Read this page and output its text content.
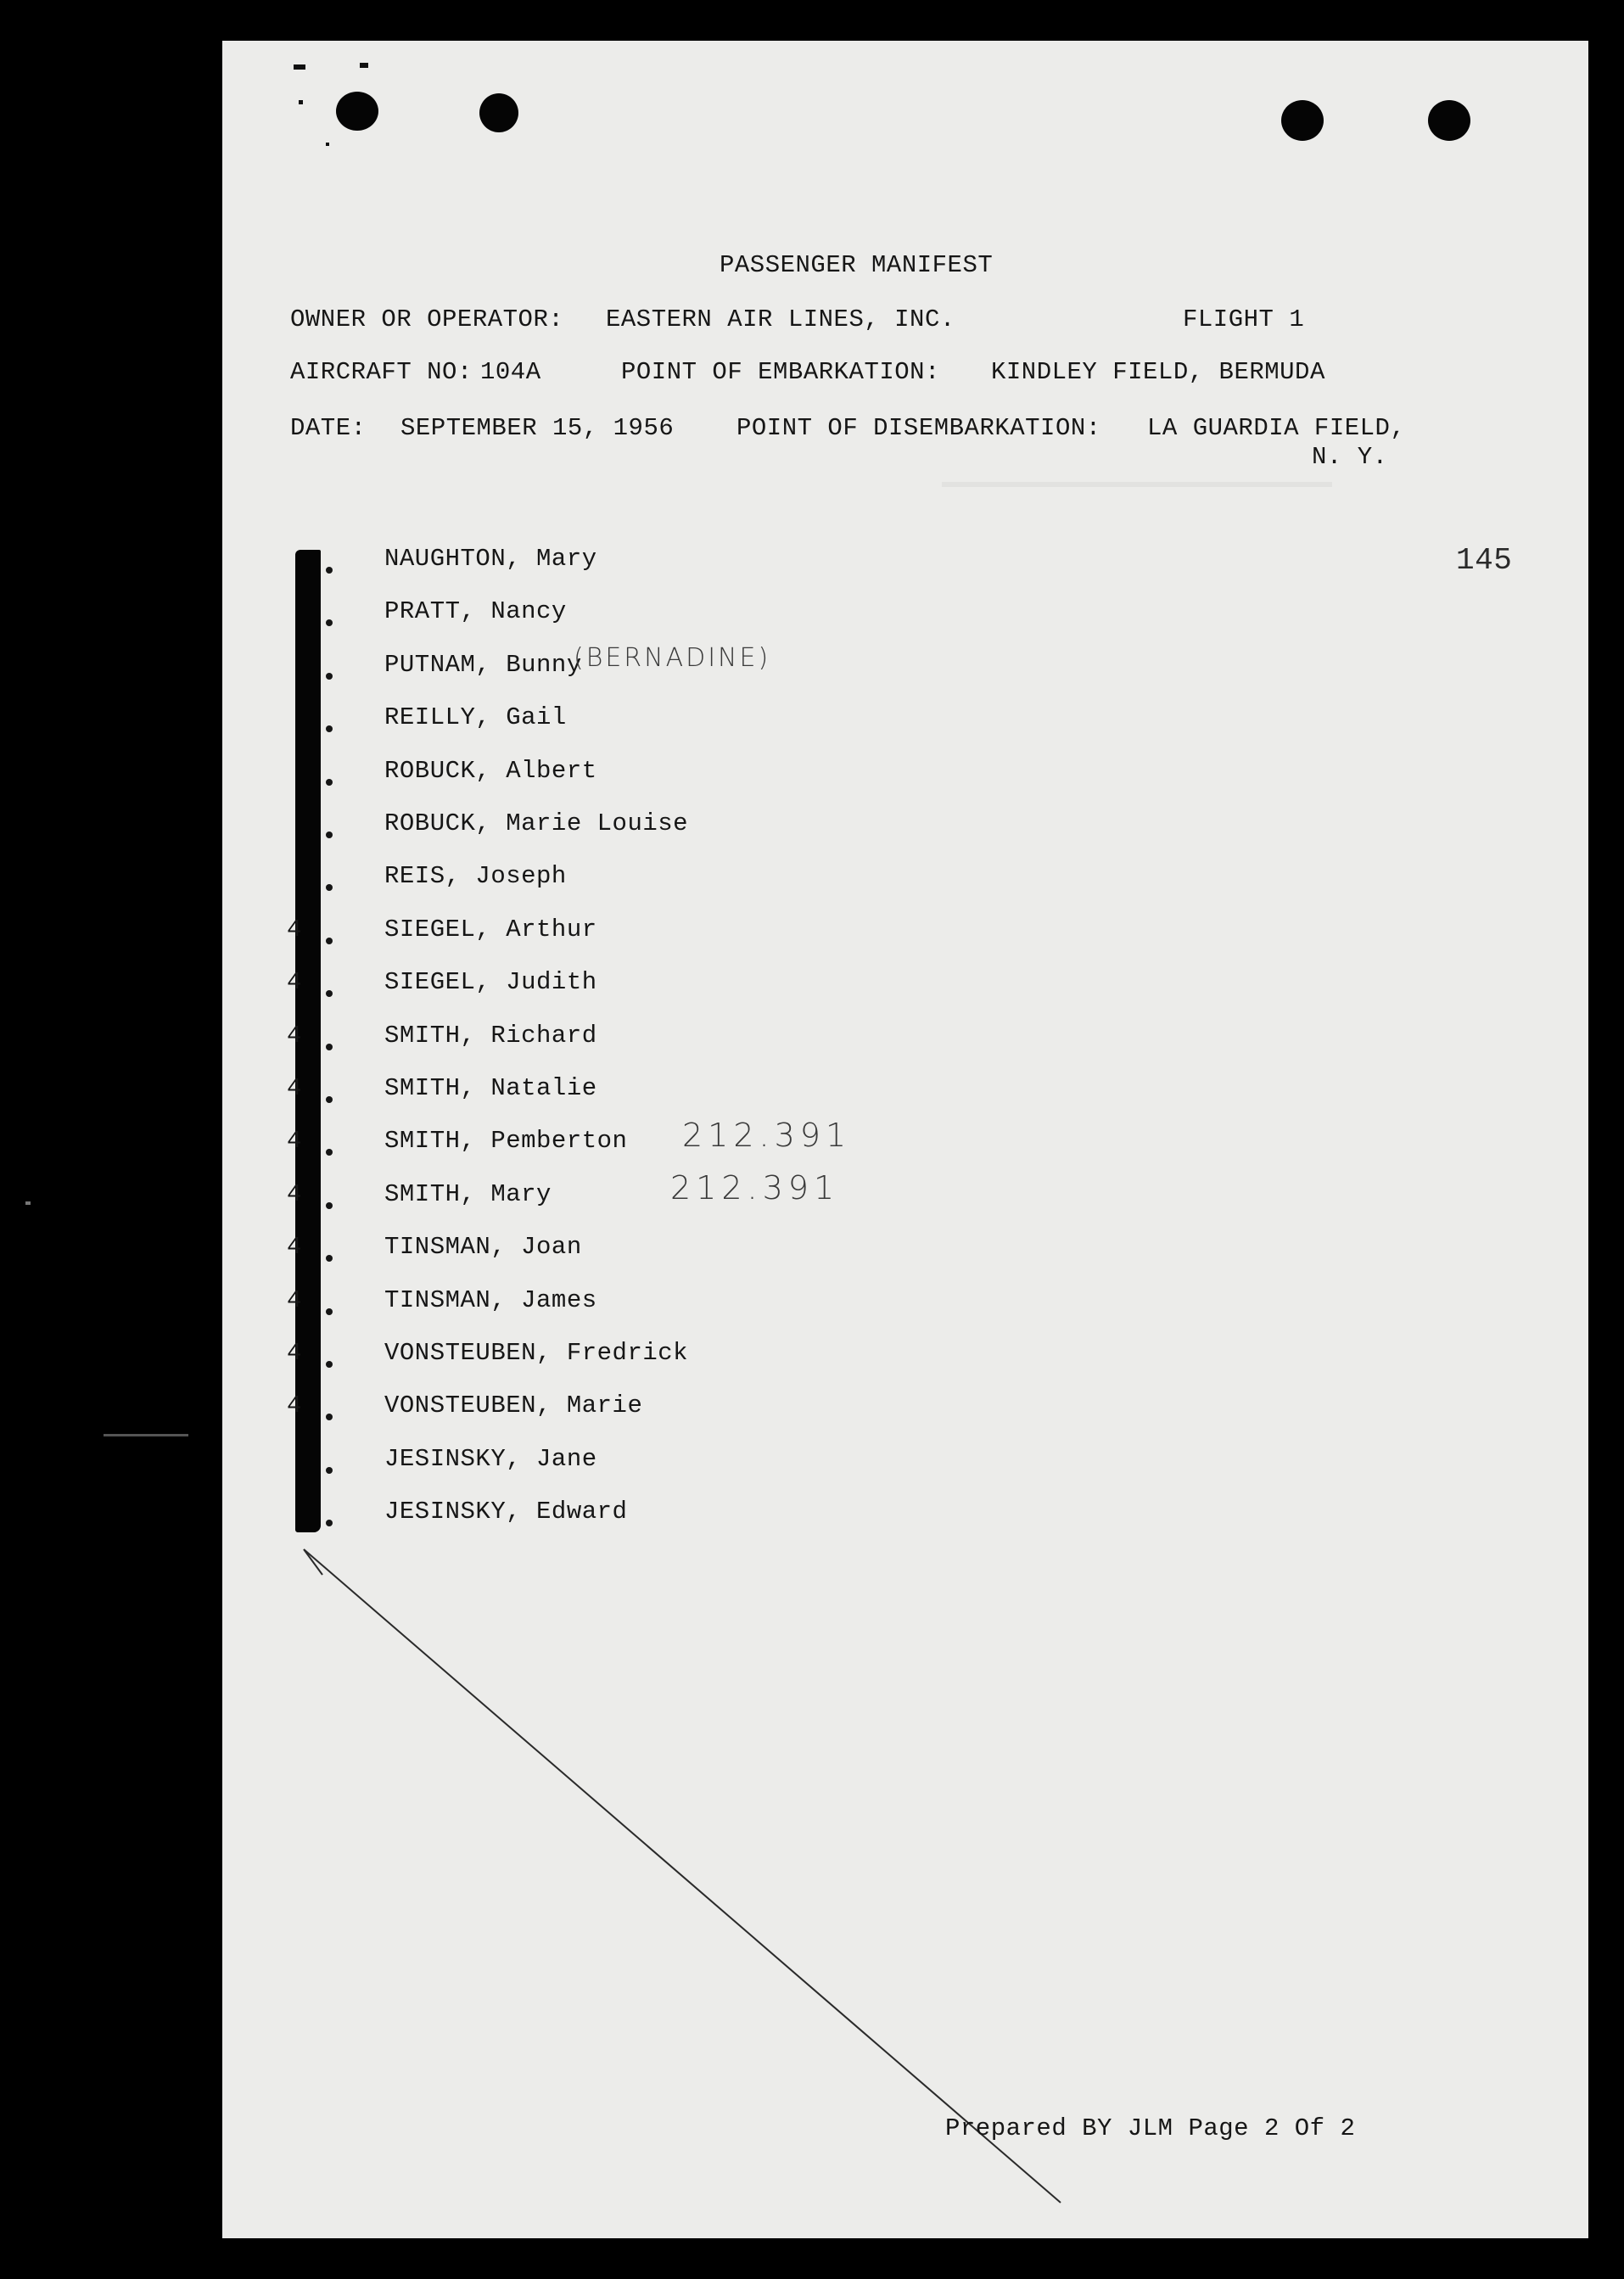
PASSENGER MANIFEST
OWNER OR OPERATOR: EASTERN AIR LINES, INC.	FLIGHT 1
AIRCRAFT NO: 104A	POINT OF EMBARKATION: KINDLEY FIELD, BERMUDA
DATE: SEPTEMBER 15, 1956	POINT OF DISEMBARKATION: LA GUARDIA FIELD,
N. Y.
145
NAUGHTON, Mary
PRATT, Nancy
PUTNAM, Bunny
REILLY, Gail
ROBUCK, Albert
ROBUCK, Marie Louise
REIS, Joseph
SIEGEL, Arthur
4
SIEGEL, Judith
4
SMITH, Richard
4
SMITH, Natalie
4
SMITH, Pemberton
4
SMITH, Mary
4
TINSMAN, Joan
4
TINSMAN, James
4
VONSTEUBEN, Fredrick
4
VONSTEUBEN, Marie
4
JESINSKY, Jane
JESINSKY, Edward
(BERNADINE)
212.391
212.391
Prepared BY JLM Page 2 Of 2
